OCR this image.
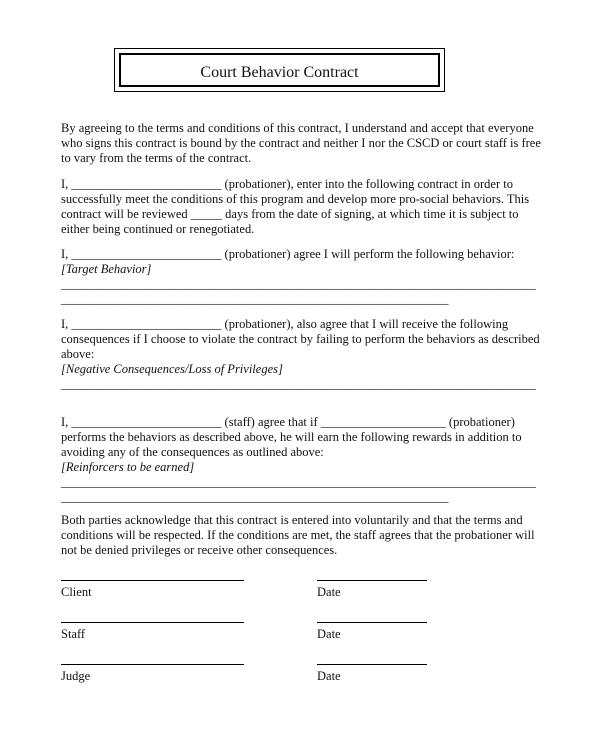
Court Behavior Contract
By agreeing to the terms and conditions of this contract, I understand and accept that everyone
who signs this contract is bound by the contract and neither I nor the CSCD or court staff is free
to vary from the terms of the contract.
I, ________________________ (probationer), enter into the following contract in order to
successfully meet the conditions of this program and develop more pro-social behaviors. This
contract will be reviewed _____ days from the date of signing, at which time it is subject to
either being continued or renegotiated.
I, ________________________ (probationer) agree I will perform the following behavior:
[Target Behavior]
____________________________________________________________________________
______________________________________________________________
I, ________________________ (probationer), also agree that I will receive the following
consequences if I choose to violate the contract by failing to perform the behaviors as described
above:
[Negative Consequences/Loss of Privileges]
____________________________________________________________________________
I, ________________________ (staff) agree that if ____________________ (probationer)
performs the behaviors as described above, he will earn the following rewards in addition to
avoiding any of the consequences as outlined above:
[Reinforcers to be earned]
____________________________________________________________________________
______________________________________________________________
Both parties acknowledge that this contract is entered into voluntarily and that the terms and
conditions will be respected. If the conditions are met, the staff agrees that the probationer will
not be denied privileges or receive other consequences.
Client	Date
Staff	Date
Judge	Date
